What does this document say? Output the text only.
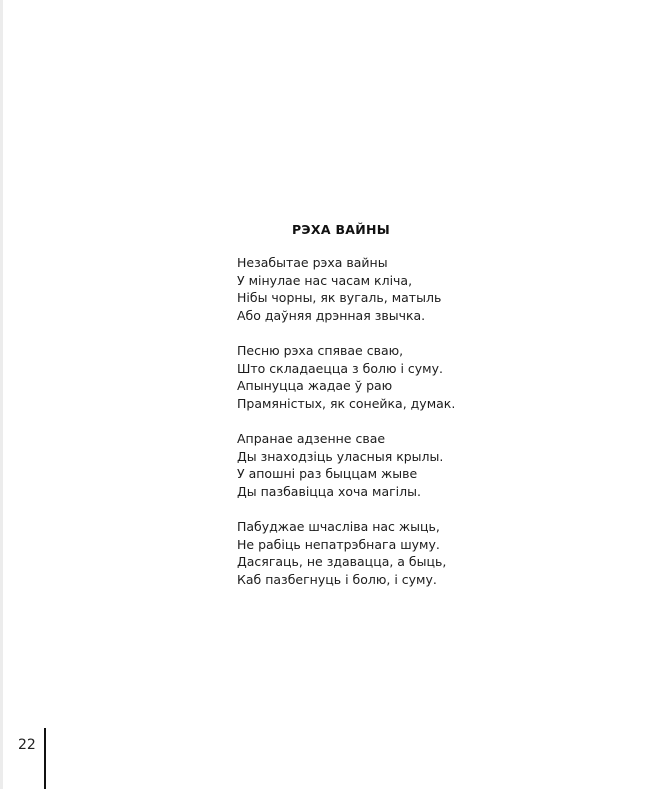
РЭХА ВАЙНЫ
Незабытае рэха вайны
У мінулае нас часам кліча,
Нібы чорны, як вугаль, матыль
Або даўняя дрэнная звычка.
Песню рэха спявае сваю,
Што складаецца з болю і суму.
Апынуцца жадае ў раю
Прамяністых, як сонейка, думак.
Апранае адзенне свае
Ды знаходзіць уласныя крылы.
У апошні раз быццам жыве
Ды пазбавіцца хоча магілы.
Пабуджае шчасліва нас жыць,
Не рабіць непатрэбнага шуму.
Дасягаць, не здавацца, а быць,
Каб пазбегнуць і болю, і суму.
22
